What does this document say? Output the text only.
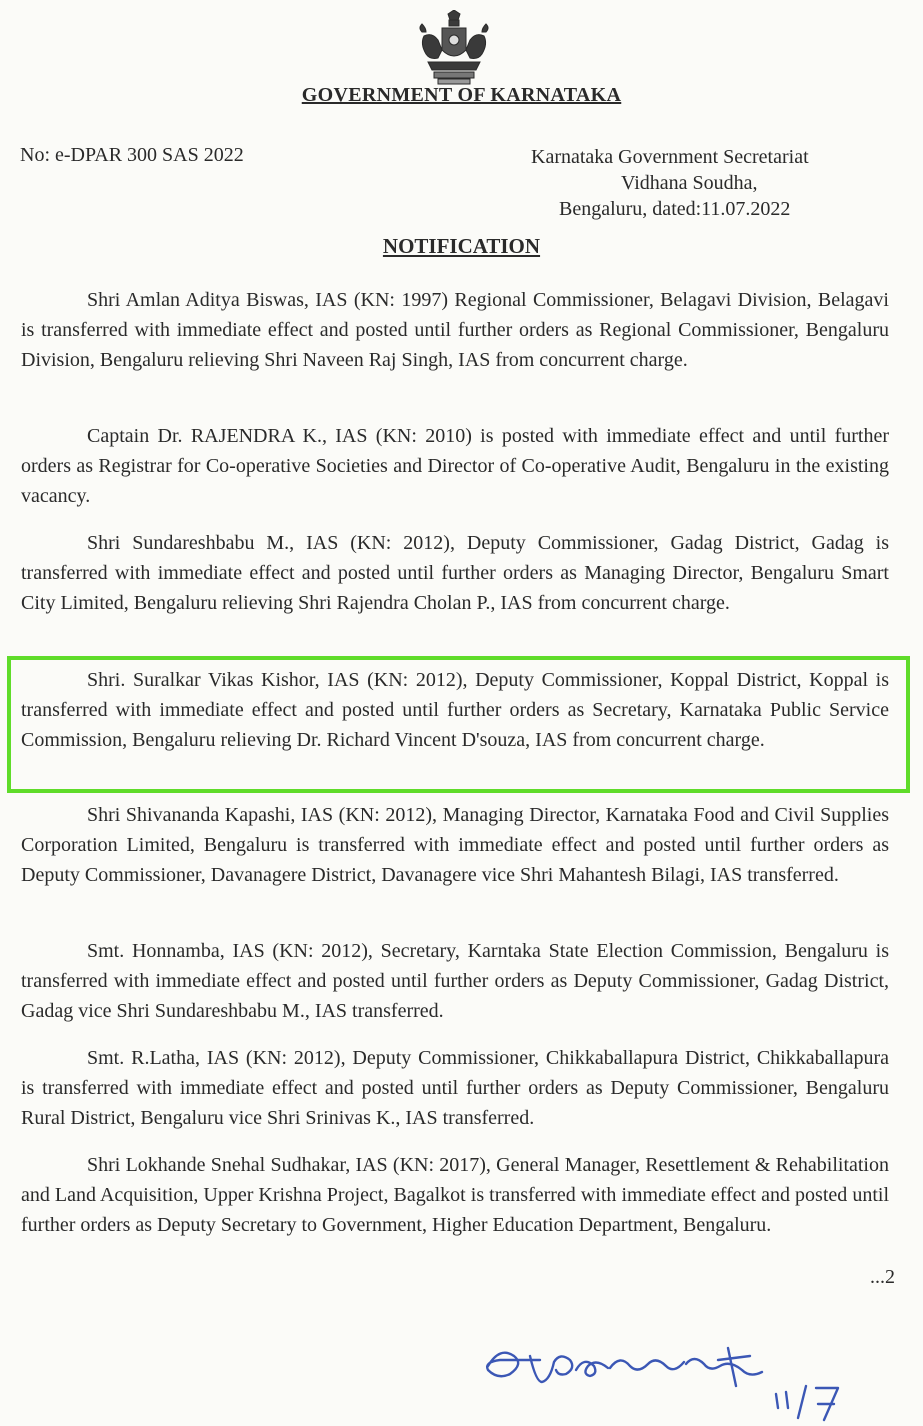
GOVERNMENT OF KARNATAKA
No: e-DPAR 300 SAS 2022	Karnataka Government Secretariat
Vidhana Soudha,
Bengaluru, dated:11.07.2022
NOTIFICATION
Shri Amlan Aditya Biswas, IAS (KN: 1997) Regional Commissioner, Belagavi Division, Belagavi is transferred with immediate effect and posted until further orders as Regional Commissioner, Bengaluru Division, Bengaluru relieving Shri Naveen Raj Singh, IAS from concurrent charge.
Captain Dr. RAJENDRA K., IAS (KN: 2010) is posted with immediate effect and until further orders as Registrar for Co-operative Societies and Director of Co-operative Audit, Bengaluru in the existing vacancy.
Shri Sundareshbabu M., IAS (KN: 2012), Deputy Commissioner, Gadag District, Gadag is transferred with immediate effect and posted until further orders as Managing Director, Bengaluru Smart City Limited, Bengaluru relieving Shri Rajendra Cholan P., IAS from concurrent charge.
Shri. Suralkar Vikas Kishor, IAS (KN: 2012), Deputy Commissioner, Koppal District, Koppal is transferred with immediate effect and posted until further orders as Secretary, Karnataka Public Service Commission, Bengaluru relieving Dr. Richard Vincent D'souza, IAS from concurrent charge.
Shri Shivananda Kapashi, IAS (KN: 2012), Managing Director, Karnataka Food and Civil Supplies Corporation Limited, Bengaluru is transferred with immediate effect and posted until further orders as Deputy Commissioner, Davanagere District, Davanagere vice Shri Mahantesh Bilagi, IAS transferred.
Smt. Honnamba, IAS (KN: 2012), Secretary, Karntaka State Election Commission, Bengaluru is transferred with immediate effect and posted until further orders as Deputy Commissioner, Gadag District, Gadag vice Shri Sundareshbabu M., IAS transferred.
Smt. R.Latha, IAS (KN: 2012), Deputy Commissioner, Chikkaballapura District, Chikkaballapura is transferred with immediate effect and posted until further orders as Deputy Commissioner, Bengaluru Rural District, Bengaluru vice Shri Srinivas K., IAS transferred.
Shri Lokhande Snehal Sudhakar, IAS (KN: 2017), General Manager, Resettlement & Rehabilitation and Land Acquisition, Upper Krishna Project, Bagalkot is transferred with immediate effect and posted until further orders as Deputy Secretary to Government, Higher Education Department, Bengaluru.
...2
